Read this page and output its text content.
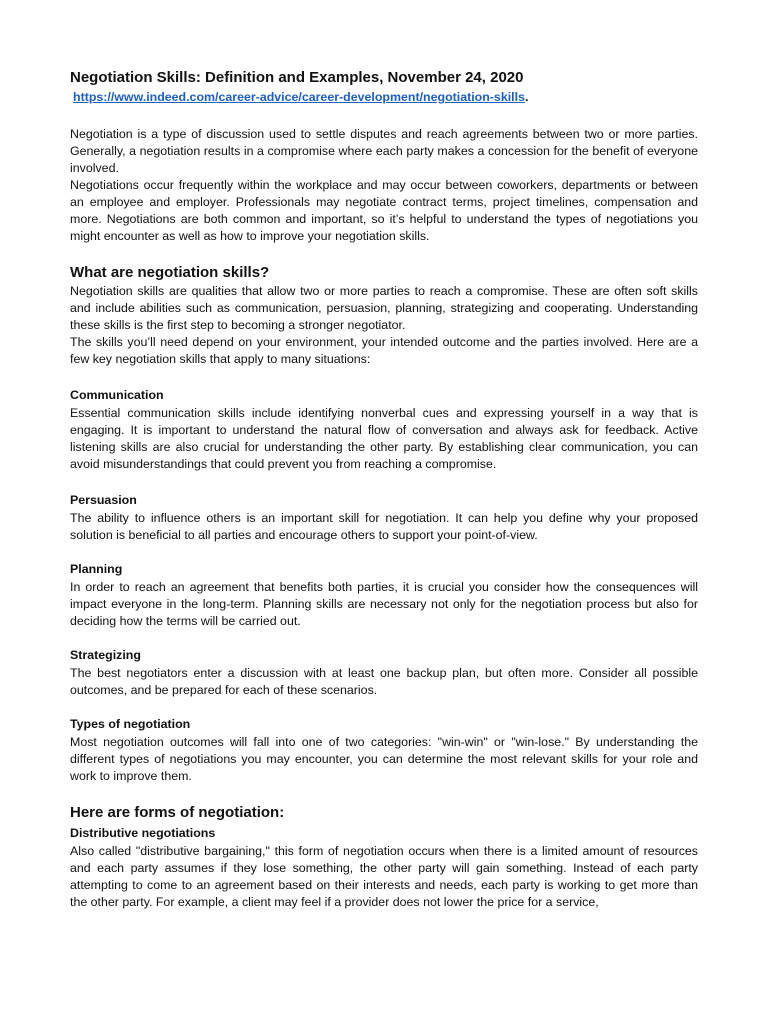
Negotiation Skills: Definition and Examples, November 24, 2020
https://www.indeed.com/career-advice/career-development/negotiation-skills.

Negotiation is a type of discussion used to settle disputes and reach agreements between two or more parties. Generally, a negotiation results in a compromise where each party makes a concession for the benefit of everyone involved.

Negotiations occur frequently within the workplace and may occur between coworkers, departments or between an employee and employer. Professionals may negotiate contract terms, project timelines, compensation and more. Negotiations are both common and important, so it’s helpful to understand the types of negotiations you might encounter as well as how to improve your negotiation skills.

What are negotiation skills?

Negotiation skills are qualities that allow two or more parties to reach a compromise. These are often soft skills and include abilities such as communication, persuasion, planning, strategizing and cooperating. Understanding these skills is the first step to becoming a stronger negotiator.

The skills you’ll need depend on your environment, your intended outcome and the parties involved. Here are a few key negotiation skills that apply to many situations:

Communication

Essential communication skills include identifying nonverbal cues and expressing yourself in a way that is engaging. It is important to understand the natural flow of conversation and always ask for feedback. Active listening skills are also crucial for understanding the other party. By establishing clear communication, you can avoid misunderstandings that could prevent you from reaching a compromise.

Persuasion

The ability to influence others is an important skill for negotiation. It can help you define why your proposed solution is beneficial to all parties and encourage others to support your point-of-view.

Planning

In order to reach an agreement that benefits both parties, it is crucial you consider how the consequences will impact everyone in the long-term. Planning skills are necessary not only for the negotiation process but also for deciding how the terms will be carried out.

Strategizing

The best negotiators enter a discussion with at least one backup plan, but often more. Consider all possible outcomes, and be prepared for each of these scenarios.

Types of negotiation

Most negotiation outcomes will fall into one of two categories: "win-win" or "win-lose." By understanding the different types of negotiations you may encounter, you can determine the most relevant skills for your role and work to improve them.

Here are forms of negotiation:
Distributive negotiations

Also called "distributive bargaining," this form of negotiation occurs when there is a limited amount of resources and each party assumes if they lose something, the other party will gain something. Instead of each party attempting to come to an agreement based on their interests and needs, each party is working to get more than the other party. For example, a client may feel if a provider does not lower the price for a service,
